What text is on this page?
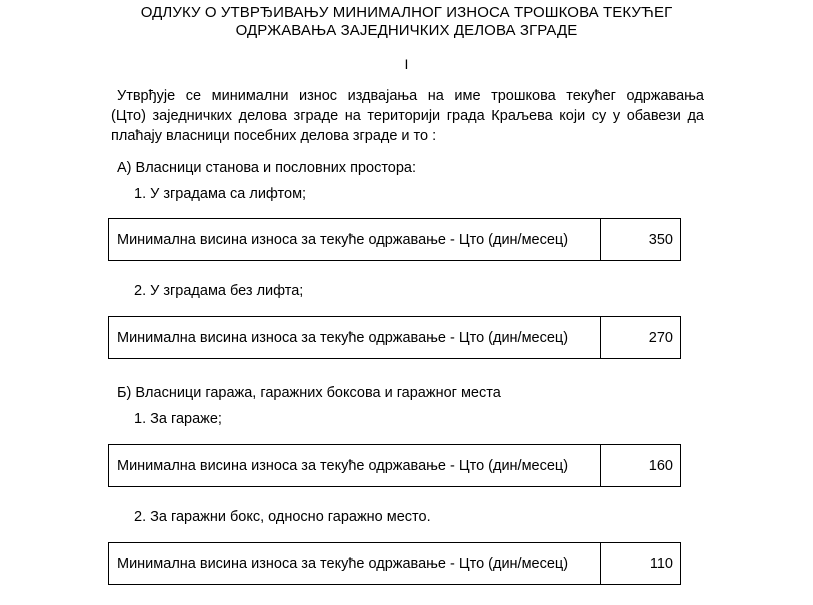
ОДЛУКУ О УТВРЂИВАЊУ МИНИМАЛНОГ ИЗНОСА ТРОШКОВА ТЕКУЋЕГ
ОДРЖАВАЊА ЗАЈЕДНИЧКИХ ДЕЛОВА ЗГРАДЕ
I
Утврђује се минимални износ издвајања на име трошкова текућег одржавања
(Цто) заједничких делова зграде на територији града Краљева који су у обавези да
плаћају власници посебних делова зграде и то :
А) Власници станова и пословних простора:
1. У зградама са лифтом;
Минимална висина износа за текуће одржавање - Цто (дин/месец)	350
2. У зградама без лифта;
Минимална висина износа за текуће одржавање - Цто (дин/месец)	270
Б) Власници гаража, гаражних боксова и гаражног места
1. За гараже;
Минимална висина износа за текуће одржавање - Цто (дин/месец)	160
2. За гаражни бокс, односно гаражно место.
Минимална висина износа за текуће одржавање - Цто (дин/месец)	110
